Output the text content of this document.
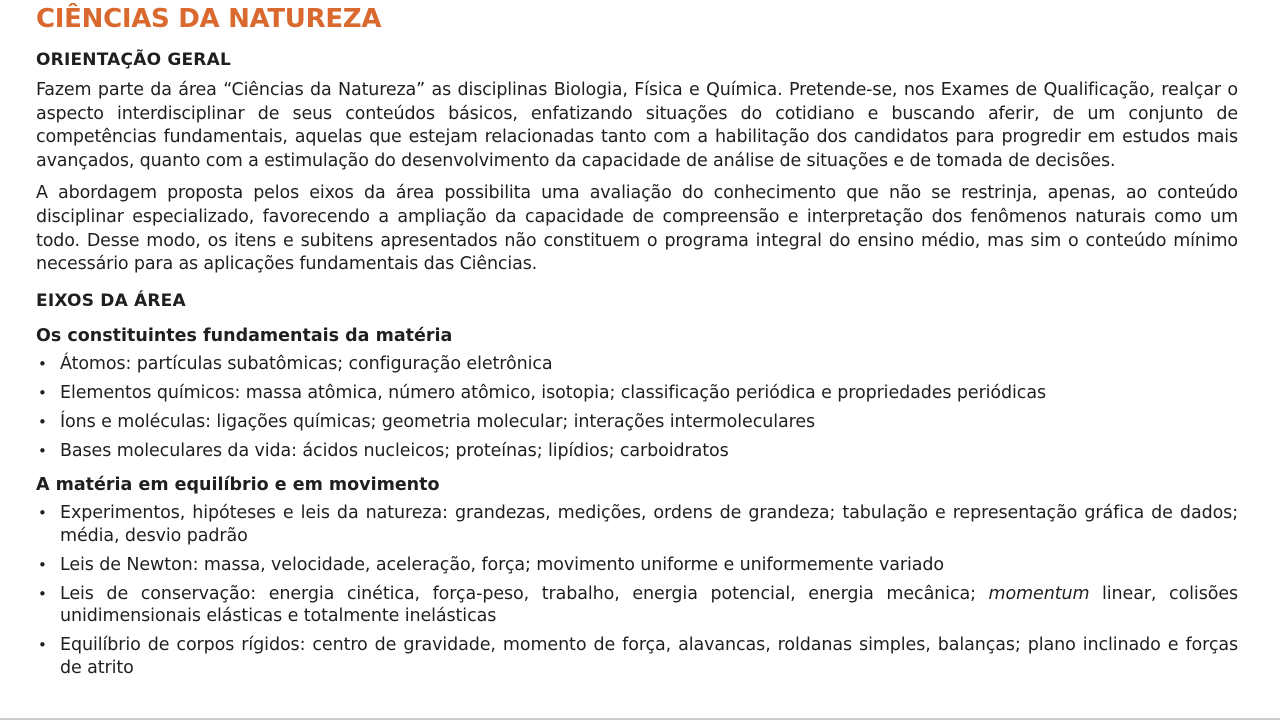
CIÊNCIAS DA NATUREZA
ORIENTAÇÃO GERAL

Fazem parte da área “Ciências da Natureza” as disciplinas Biologia, Física e Química. Pretende-se, nos Exames de Qualificação, realçar o aspecto interdisciplinar de seus conteúdos básicos, enfatizando situações do cotidiano e buscando aferir, de um conjunto de competências fundamentais, aquelas que estejam relacionadas tanto com a habilitação dos candidatos para progredir em estudos mais avançados, quanto com a estimulação do desenvolvimento da capacidade de análise de situações e de tomada de decisões.

A abordagem proposta pelos eixos da área possibilita uma avaliação do conhecimento que não se restrinja, apenas, ao conteúdo disciplinar especializado, favorecendo a ampliação da capacidade de compreensão e interpretação dos fenômenos naturais como um todo. Desse modo, os itens e subitens apresentados não constituem o programa integral do ensino médio, mas sim o conteúdo mínimo necessário para as aplicações fundamentais das Ciências.

EIXOS DA ÁREA
Os constituintes fundamentais da matéria
• Átomos: partículas subatômicas; configuração eletrônica
• Elementos químicos: massa atômica, número atômico, isotopia; classificação periódica e propriedades periódicas
• Íons e moléculas: ligações químicas; geometria molecular; interações intermoleculares
• Bases moleculares da vida: ácidos nucleicos; proteínas; lipídios; carboidratos
A matéria em equilíbrio e em movimento
• Experimentos, hipóteses e leis da natureza: grandezas, medições, ordens de grandeza; tabulação e representação gráfica de dados; média, desvio padrão
• Leis de Newton: massa, velocidade, aceleração, força; movimento uniforme e uniformemente variado
• Leis de conservação: energia cinética, força-peso, trabalho, energia potencial, energia mecânica; momentum linear, colisões unidimensionais elásticas e totalmente inelásticas
• Equilíbrio de corpos rígidos: centro de gravidade, momento de força, alavancas, roldanas simples, balanças; plano inclinado e forças de atrito
